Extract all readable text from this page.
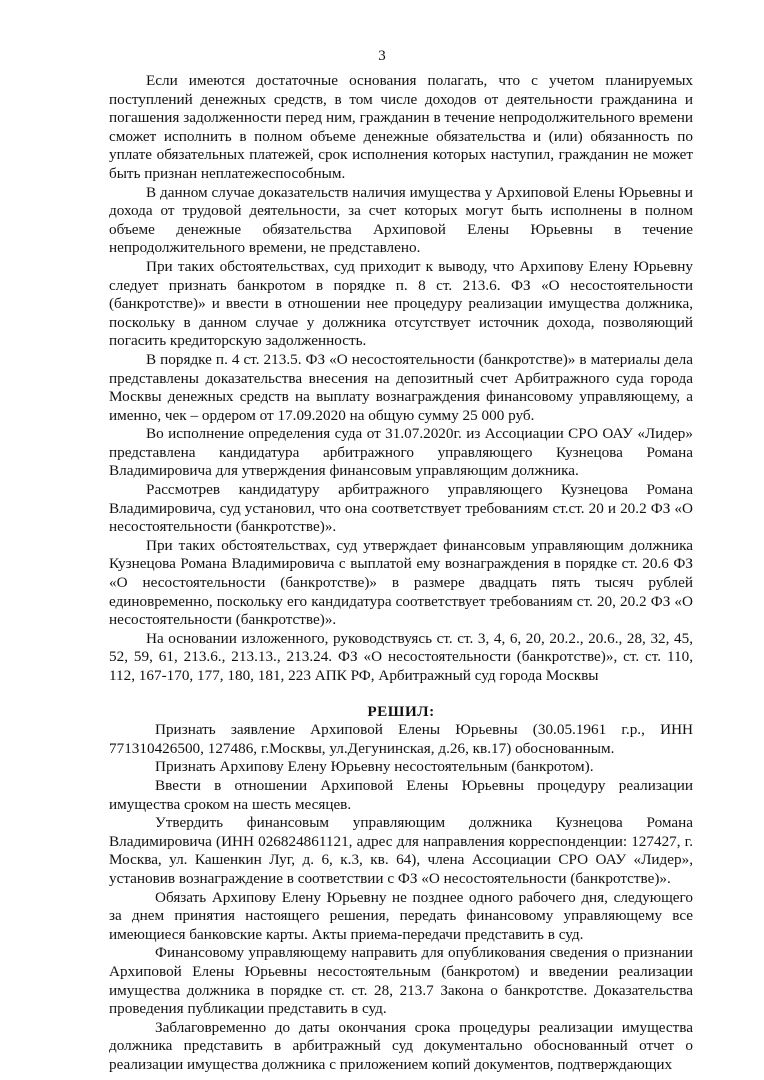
3

Если имеются достаточные основания полагать, что с учетом планируемых поступлений денежных средств, в том числе доходов от деятельности гражданина и погашения задолженности перед ним, гражданин в течение непродолжительного времени сможет исполнить в полном объеме денежные обязательства и (или) обязанность по уплате обязательных платежей, срок исполнения которых наступил, гражданин не может быть признан неплатежеспособным.

В данном случае доказательств наличия имущества у Архиповой Елены Юрьевны и дохода от трудовой деятельности, за счет которых могут быть исполнены в полном объеме денежные обязательства Архиповой Елены Юрьевны в течение непродолжительного времени, не представлено.

При таких обстоятельствах, суд приходит к выводу, что Архипову Елену Юрьевну следует признать банкротом в порядке п. 8 ст. 213.6. ФЗ «О несостоятельности (банкротстве)» и ввести в отношении нее процедуру реализации имущества должника, поскольку в данном случае у должника отсутствует источник дохода, позволяющий погасить кредиторскую задолженность.

В порядке п. 4 ст. 213.5. ФЗ «О несостоятельности (банкротстве)» в материалы дела представлены доказательства внесения на депозитный счет Арбитражного суда города Москвы денежных средств на выплату вознаграждения финансовому управляющему, а именно, чек – ордером от 17.09.2020 на общую сумму 25 000 руб.

Во исполнение определения суда от 31.07.2020г. из Ассоциации СРО ОАУ «Лидер» представлена кандидатура арбитражного управляющего Кузнецова Романа Владимировича для утверждения финансовым управляющим должника.

Рассмотрев кандидатуру арбитражного управляющего Кузнецова Романа Владимировича, суд установил, что она соответствует требованиям ст.ст. 20 и 20.2 ФЗ «О несостоятельности (банкротстве)».

При таких обстоятельствах, суд утверждает финансовым управляющим должника Кузнецова Романа Владимировича с выплатой ему вознаграждения в порядке ст. 20.6 ФЗ «О несостоятельности (банкротстве)» в размере двадцать пять тысяч рублей единовременно, поскольку его кандидатура соответствует требованиям ст. 20, 20.2 ФЗ «О несостоятельности (банкротстве)».

На основании изложенного, руководствуясь ст. ст. 3, 4, 6, 20, 20.2., 20.6., 28, 32, 45, 52, 59, 61, 213.6., 213.13., 213.24. ФЗ «О несостоятельности (банкротстве)», ст. ст. 110, 112, 167-170, 177, 180, 181, 223 АПК РФ, Арбитражный суд города Москвы

РЕШИЛ:

Признать заявление Архиповой Елены Юрьевны (30.05.1961 г.р., ИНН 771310426500, 127486, г.Москвы, ул.Дегунинская, д.26, кв.17) обоснованным.

Признать Архипову Елену Юрьевну несостоятельным (банкротом).

Ввести в отношении Архиповой Елены Юрьевны процедуру реализации имущества сроком на шесть месяцев.

Утвердить финансовым управляющим должника Кузнецова Романа Владимировича (ИНН 026824861121, адрес для направления корреспонденции: 127427, г. Москва, ул. Кашенкин Луг, д. 6, к.3, кв. 64), члена Ассоциации СРО ОАУ «Лидер», установив вознаграждение в соответствии с ФЗ «О несостоятельности (банкротстве)».

Обязать Архипову Елену Юрьевну не позднее одного рабочего дня, следующего за днем принятия настоящего решения, передать финансовому управляющему все имеющиеся банковские карты. Акты приема-передачи представить в суд.

Финансовому управляющему направить для опубликования сведения о признании Архиповой Елены Юрьевны несостоятельным (банкротом) и введении реализации имущества должника в порядке ст. ст. 28, 213.7 Закона о банкротстве. Доказательства проведения публикации представить в суд.

Заблаговременно до даты окончания срока процедуры реализации имущества должника представить в арбитражный суд документально обоснованный отчет о реализации имущества должника с приложением копий документов, подтверждающих
